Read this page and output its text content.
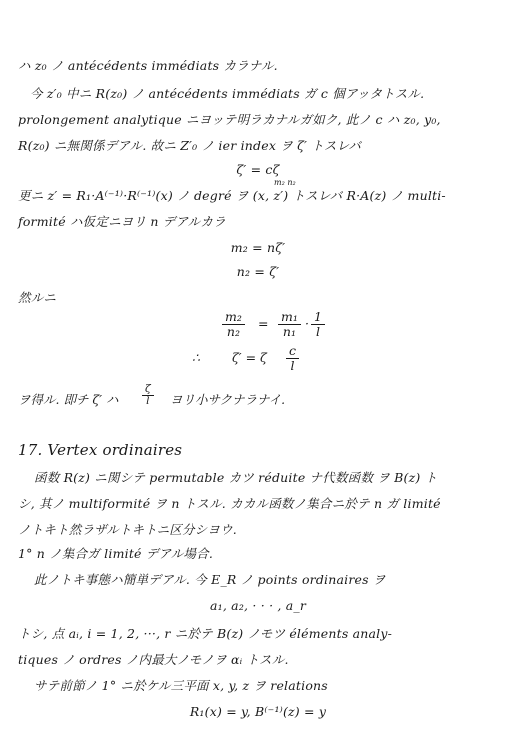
ハ z₀ ノ antécédents immédiats カラナル.
今 z′₀ 中ニ R(z₀) ノ antécédents immédiats ガ c 個アッタトスル.
prolongement analytique ニヨッテ明ラカナルガ如ク, 此ノ c ハ z₀, y₀,
R(z₀) ニ無関係デアル. 故ニ Z′₀ ノ ier index ヲ ζ′ トスレバ
ζ′ = cζ
m₂ n₂
更ニ z′ = R₁·A⁽⁻¹⁾·R⁽⁻¹⁾(x) ノ degré ヲ (x, z′) トスレバ R·A(z) ノ multi-
formité ハ仮定ニヨリ n デアルカラ
m₂ = nζ′
n₂ = ζ′
然ルニ
m₂
n₂
= m₁
n₁
· 1
l
∴	ζ′ = ζ c
l
ヲ得ル. 即チ ζ′ ハ
ζ
l	ヨリ小サクナラナイ.
17. Vertex ordinaires
函数 R(z) ニ関シテ permutable カツ réduite ナ代数函数 ヲ B(z) ト
シ, 其ノ multiformité ヲ n トスル. カカル函数ノ集合ニ於テ n ガ limité
ノトキト然ラザルトキトニ区分シヨウ.
1° n ノ集合ガ limité デアル場合.
此ノトキ事態ハ簡単デアル. 今 E_R ノ points ordinaires ヲ
a₁, a₂, · · · , a_r
トシ, 点 aᵢ, i = 1, 2, ···, r ニ於テ B(z) ノモツ éléments analy-
tiques ノ ordres ノ内最大ノモノヲ αᵢ トスル.
サテ前節ノ 1° ニ於ケル三平面 x, y, z ヲ relations
R₁(x) = y, B⁽⁻¹⁾(z) = y
